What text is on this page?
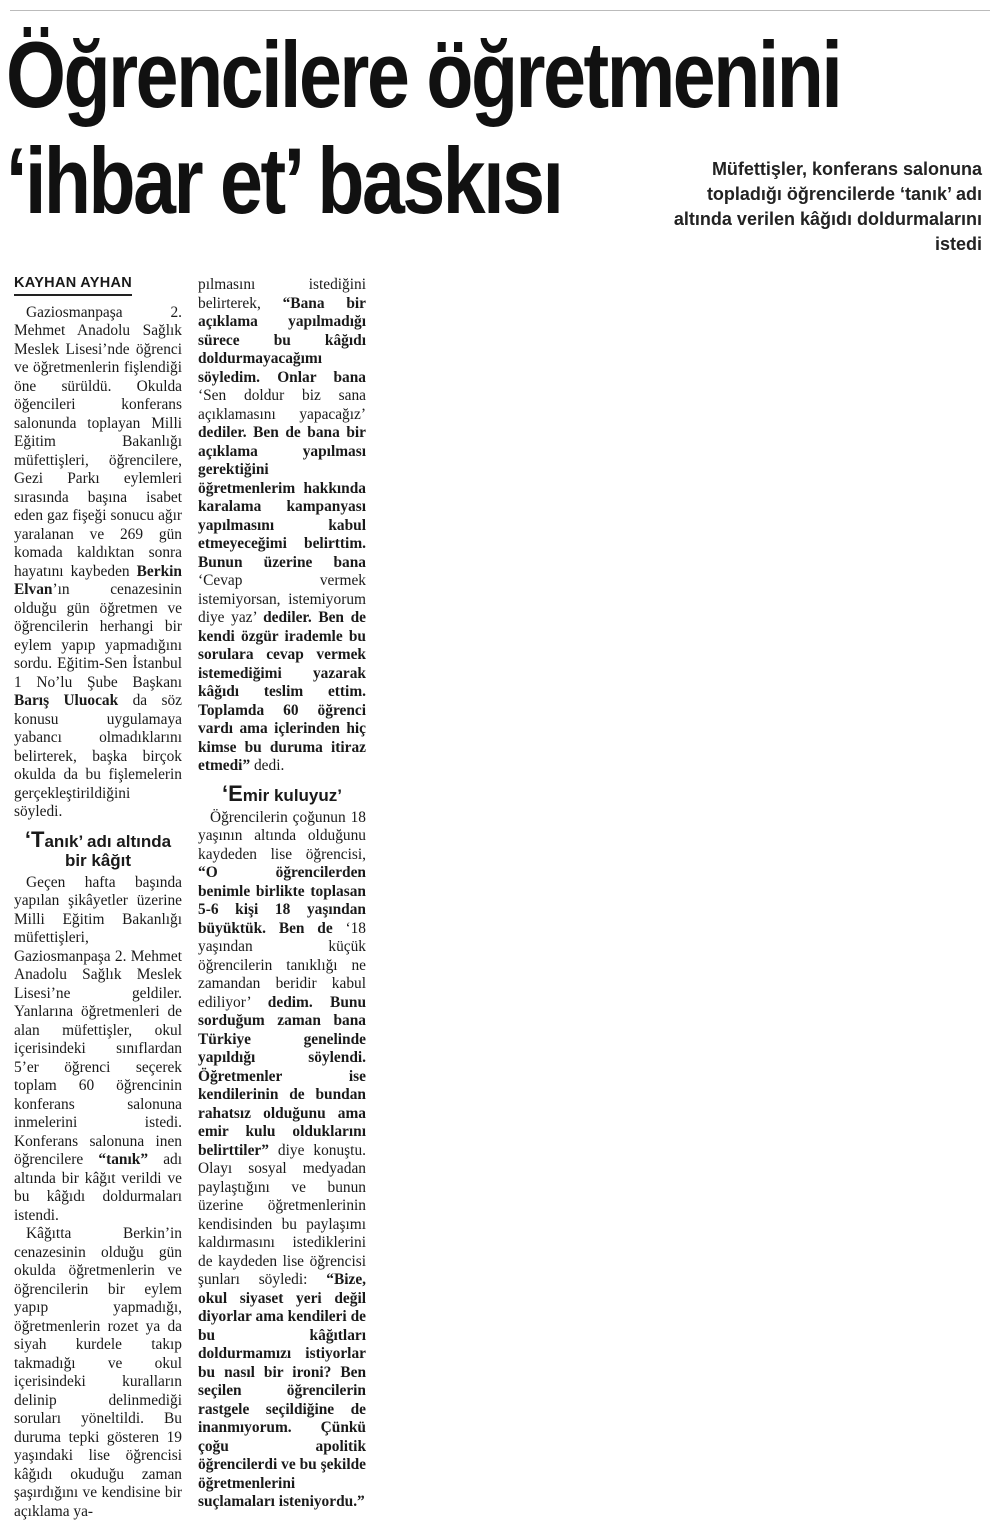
Öğrencilere öğretmenini
‘ihbar et’ baskısı	Müfettişler, konferans salonuna topladığı öğrencilerde ‘tanık’ adı altında verilen kâğıdı doldurmalarını istedi

KAYHAN AYHAN

Gaziosmanpaşa 2. Mehmet Anadolu Sağlık Meslek Lisesi’nde öğrenci ve öğretmenlerin fişlendiği öne sürüldü. Okulda öğencileri konferans salonunda toplayan Milli Eğitim Bakanlığı müfettişleri, öğrencilere, Gezi Parkı eylemleri sırasında başına isabet eden gaz fişeği sonucu ağır yaralanan ve 269 gün komada kaldıktan sonra hayatını kaybeden Berkin Elvan’ın cenazesinin olduğu gün öğretmen ve öğrencilerin herhangi bir eylem yapıp yapmadığını sordu. Eğitim-Sen İstanbul 1 No’lu Şube Başkanı Barış Uluocak da söz konusu uygulamaya yabancı olmadıklarını belirterek, başka birçok okulda da bu fişlemelerin gerçekleştirildiğini söyledi.

‘Tanık’ adı altında bir kâğıt

Geçen hafta başında yapılan şikâyetler üzerine Milli Eğitim Bakanlığı müfettişleri, Gaziosmanpaşa 2. Mehmet Anadolu Sağlık Meslek Lisesi’ne geldiler. Yanlarına öğretmenleri de alan müfettişler, okul içerisindeki sınıflardan 5’er öğrenci seçerek toplam 60 öğrencinin konferans salonuna inmelerini istedi. Konferans salonuna inen öğrencilere “tanık” adı altında bir kâğıt verildi ve bu kâğıdı doldurmaları istendi.

Kâğıtta Berkin’in cenazesinin olduğu gün okulda öğretmenlerin ve öğrencilerin bir eylem yapıp yapmadığı, öğretmenlerin rozet ya da siyah kurdele takıp takmadığı ve okul içerisindeki kuralların delinip delinmediği soruları yöneltildi. Bu duruma tepki gösteren 19 yaşındaki lise öğrencisi kâğıdı okuduğu zaman şaşırdığını ve kendisine bir açıklama ya-

pılmasını istediğini belirterek, “Bana bir açıklama yapılmadığı sürece bu kâğıdı doldurmayacağımı söyledim. Onlar bana ‘Sen doldur biz sana açıklamasını yapacağız’ dediler. Ben de bana bir açıklama yapılması gerektiğini öğretmenlerim hakkında karalama kampanyası yapılmasını kabul etmeyeceğimi belirttim. Bunun üzerine bana ‘Cevap vermek istemiyorsan, istemiyorum diye yaz’ dediler. Ben de kendi özgür irademle bu sorulara cevap vermek istemediğimi yazarak kâğıdı teslim ettim. Toplamda 60 öğrenci vardı ama içlerinden hiç kimse bu duruma itiraz etmedi” dedi.

‘Emir kuluyuz’

Öğrencilerin çoğunun 18 yaşının altında olduğunu kaydeden lise öğrencisi, “O öğrencilerden benimle birlikte toplasan 5-6 kişi 18 yaşından büyüktük. Ben de ‘18 yaşından küçük öğrencilerin tanıklığı ne zamandan beridir kabul ediliyor’ dedim. Bunu sorduğum zaman bana Türkiye genelinde yapıldığı söylendi. Öğretmenler ise kendilerinin de bundan rahatsız olduğunu ama emir kulu olduklarını belirttiler” diye konuştu. Olayı sosyal medyadan paylaştığını ve bunun üzerine öğretmenlerinin kendisinden bu paylaşımı kaldırmasını istediklerini de kaydeden lise öğrencisi şunları söyledi: “Bize, okul siyaset yeri değil diyorlar ama kendileri de bu kâğıtları doldurmamızı istiyorlar bu nasıl bir ironi? Ben seçilen öğrencilerin rastgele seçildiğine de inanmıyorum. Çünkü çoğu apolitik öğrencilerdi ve bu şekilde öğretmenlerini suçlamaları isteniyordu.”
